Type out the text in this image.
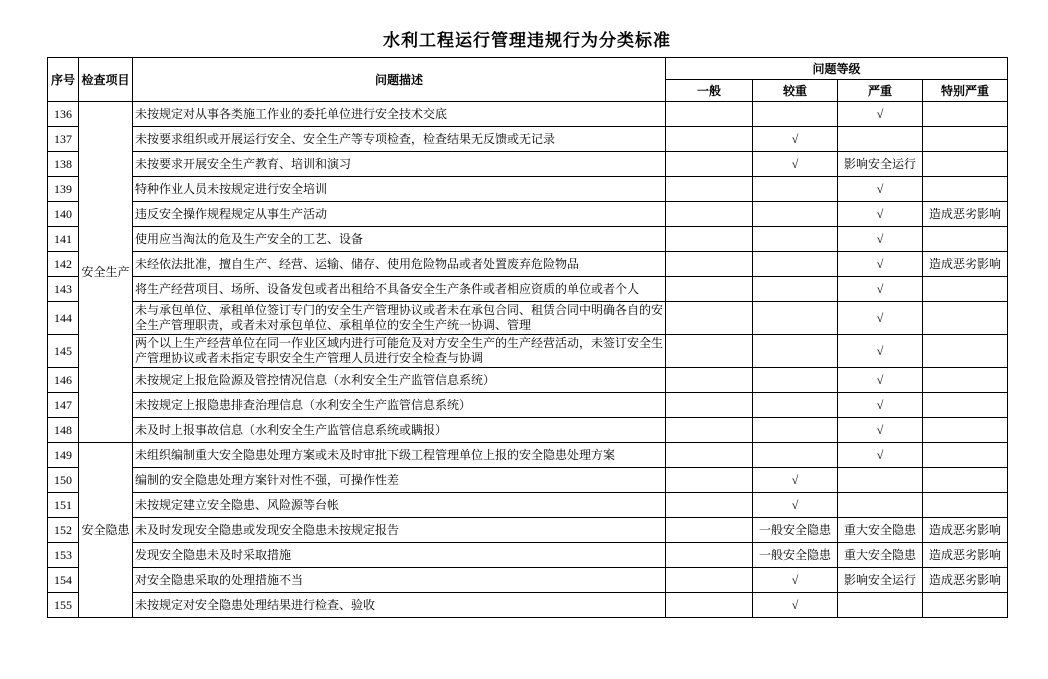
水利工程运行管理违规行为分类标准
序号	检查项目	问题描述	问题等级			
			一般	较重	严重	特别严重
136	安全生产	未按规定对从事各类施工作业的委托单位进行安全技术交底			√	
137		未按要求组织或开展运行安全、安全生产等专项检查，检查结果无反馈或无记录		√		
138		未按要求开展安全生产教育、培训和演习		√	影响安全运行	
139		特种作业人员未按规定进行安全培训			√	
140		违反安全操作规程规定从事生产活动			√	造成恶劣影响
141		使用应当淘汰的危及生产安全的工艺、设备			√	
142		未经依法批准，擅自生产、经营、运输、储存、使用危险物品或者处置废弃危险物品			√	造成恶劣影响
143		将生产经营项目、场所、设备发包或者出租给不具备安全生产条件或者相应资质的单位或者个人			√	
144		未与承包单位、承租单位签订专门的安全生产管理协议或者未在承包合同、租赁合同中明确各自的安全生产管理职责，或者未对承包单位、承租单位的安全生产统一协调、管理			√	
145		两个以上生产经营单位在同一作业区域内进行可能危及对方安全生产的生产经营活动，未签订安全生产管理协议或者未指定专职安全生产管理人员进行安全检查与协调			√	
146		未按规定上报危险源及管控情况信息（水利安全生产监管信息系统）			√	
147		未按规定上报隐患排查治理信息（水利安全生产监管信息系统）			√	
148		未及时上报事故信息（水利安全生产监管信息系统或瞒报）			√	
149	安全隐患	未组织编制重大安全隐患处理方案或未及时审批下级工程管理单位上报的安全隐患处理方案			√	
150		编制的安全隐患处理方案针对性不强，可操作性差		√		
151		未按规定建立安全隐患、风险源等台帐		√		
152		未及时发现安全隐患或发现安全隐患未按规定报告		一般安全隐患	重大安全隐患	造成恶劣影响
153		发现安全隐患未及时采取措施		一般安全隐患	重大安全隐患	造成恶劣影响
154		对安全隐患采取的处理措施不当		√	影响安全运行	造成恶劣影响
155		未按规定对安全隐患处理结果进行检查、验收		√		
